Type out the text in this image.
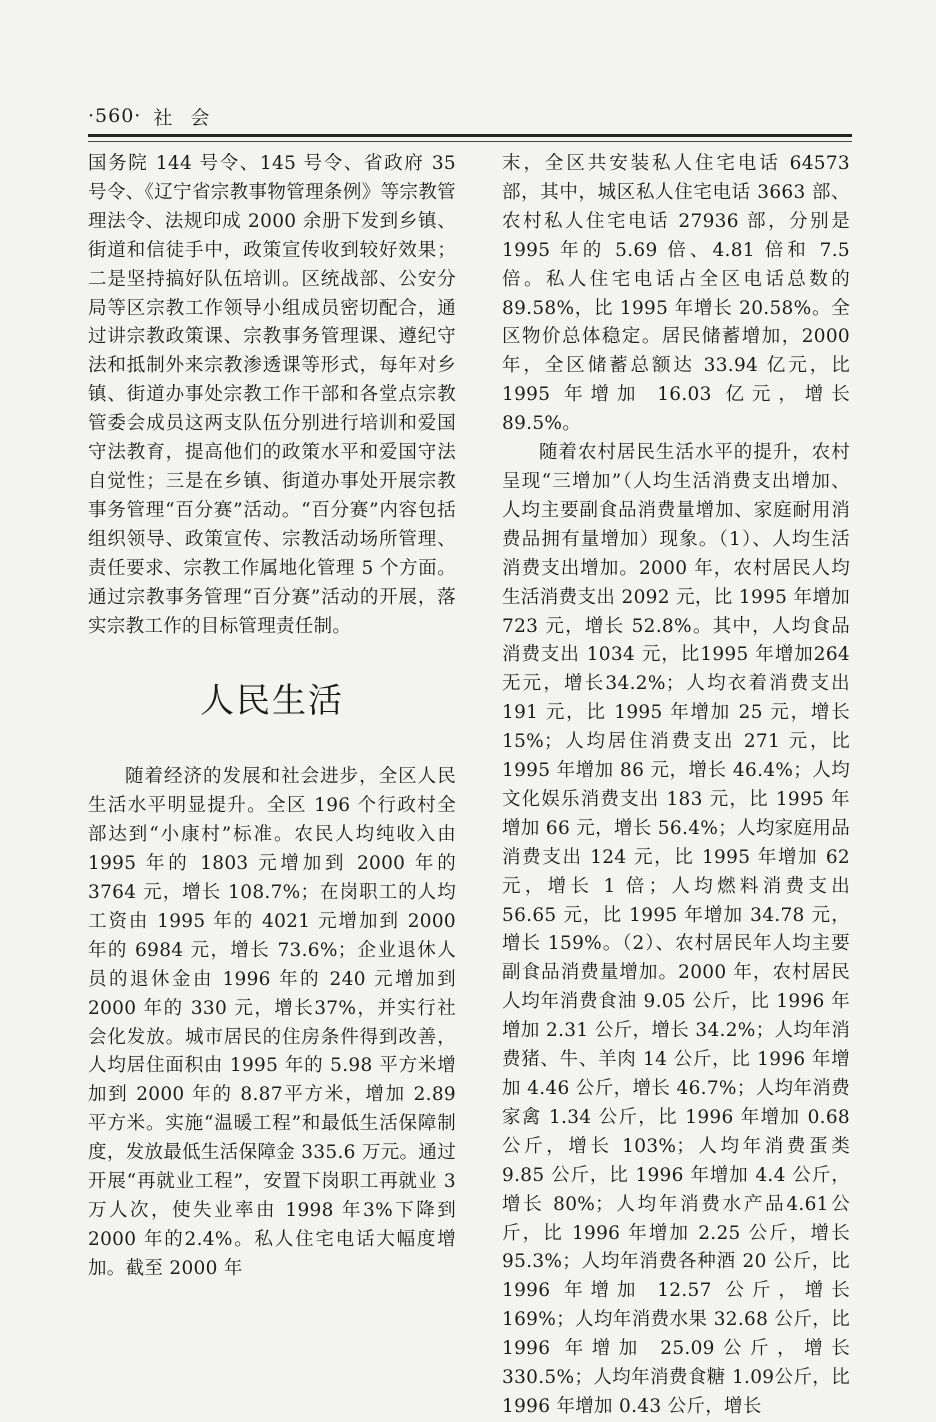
·560· 社会

国务院 144 号令、145 号令、省政府 35 号令、《辽宁省宗教事物管理条例》等宗教管理法令、法规印成 2000 余册下发到乡镇、街道和信徒手中，政策宣传收到较好效果；二是坚持搞好队伍培训。区统战部、公安分局等区宗教工作领导小组成员密切配合，通过讲宗教政策课、宗教事务管理课、遵纪守法和抵制外来宗教渗透课等形式，每年对乡镇、街道办事处宗教工作干部和各堂点宗教管委会成员这两支队伍分别进行培训和爱国守法教育，提高他们的政策水平和爱国守法自觉性；三是在乡镇、街道办事处开展宗教事务管理“百分赛”活动。“百分赛”内容包括组织领导、政策宣传、宗教活动场所管理、责任要求、宗教工作属地化管理 5 个方面。通过宗教事务管理“百分赛”活动的开展，落实宗教工作的目标管理责任制。

人民生活

随着经济的发展和社会进步，全区人民生活水平明显提升。全区 196 个行政村全部达到“小康村”标准。农民人均纯收入由 1995 年的 1803 元增加到 2000 年的 3764 元，增长 108.7%；在岗职工的人均工资由 1995 年的 4021 元增加到 2000 年的 6984 元，增长 73.6%；企业退休人员的退休金由 1996 年的 240 元增加到 2000 年的 330 元，增长37%，并实行社会化发放。城市居民的住房条件得到改善，人均居住面积由 1995 年的 5.98 平方米增加到 2000 年的 8.87平方米，增加 2.89 平方米。实施“温暖工程”和最低生活保障制度，发放最低生活保障金 335.6 万元。通过开展“再就业工程”，安置下岗职工再就业 3 万人次，使失业率由 1998 年3%下降到2000 年的2.4%。私人住宅电话大幅度增加。截至 2000 年

末，全区共安装私人住宅电话 64573 部，其中，城区私人住宅电话 3663 部、农村私人住宅电话 27936 部，分别是 1995 年的 5.69 倍、4.81 倍和 7.5 倍。私人住宅电话占全区电话总数的 89.58%，比 1995 年增长 20.58%。全区物价总体稳定。居民储蓄增加，2000 年，全区储蓄总额达 33.94 亿元，比 1995 年增加 16.03 亿元，增长89.5%。

随着农村居民生活水平的提升，农村呈现“三增加”（人均生活消费支出增加、人均主要副食品消费量增加、家庭耐用消费品拥有量增加）现象。（1）、人均生活消费支出增加。2000 年，农村居民人均生活消费支出 2092 元，比 1995 年增加 723 元，增长 52.8%。其中，人均食品消费支出 1034 元，比1995 年增加264 无元，增长34.2%；人均衣着消费支出 191 元，比 1995 年增加 25 元，增长 15%；人均居住消费支出 271 元，比 1995 年增加 86 元，增长 46.4%；人均文化娱乐消费支出 183 元，比 1995 年增加 66 元，增长 56.4%；人均家庭用品消费支出 124 元，比 1995 年增加 62 元，增长 1 倍；人均燃料消费支出 56.65 元，比 1995 年增加 34.78 元，增长 159%。（2）、农村居民年人均主要副食品消费量增加。2000 年，农村居民人均年消费食油 9.05 公斤，比 1996 年增加 2.31 公斤，增长 34.2%；人均年消费猪、牛、羊肉 14 公斤，比 1996 年增加 4.46 公斤，增长 46.7%；人均年消费家禽 1.34 公斤，比 1996 年增加 0.68 公斤，增长 103%；人均年消费蛋类 9.85 公斤，比 1996 年增加 4.4 公斤，增长 80%；人均年消费水产品4.61公斤，比 1996 年增加 2.25 公斤，增长 95.3%；人均年消费各种酒 20 公斤，比 1996 年增加 12.57 公斤，增长 169%；人均年消费水果 32.68 公斤，比 1996 年增加 25.09公斤，增长 330.5%；人均年消费食糖 1.09公斤，比 1996 年增加 0.43 公斤，增长
